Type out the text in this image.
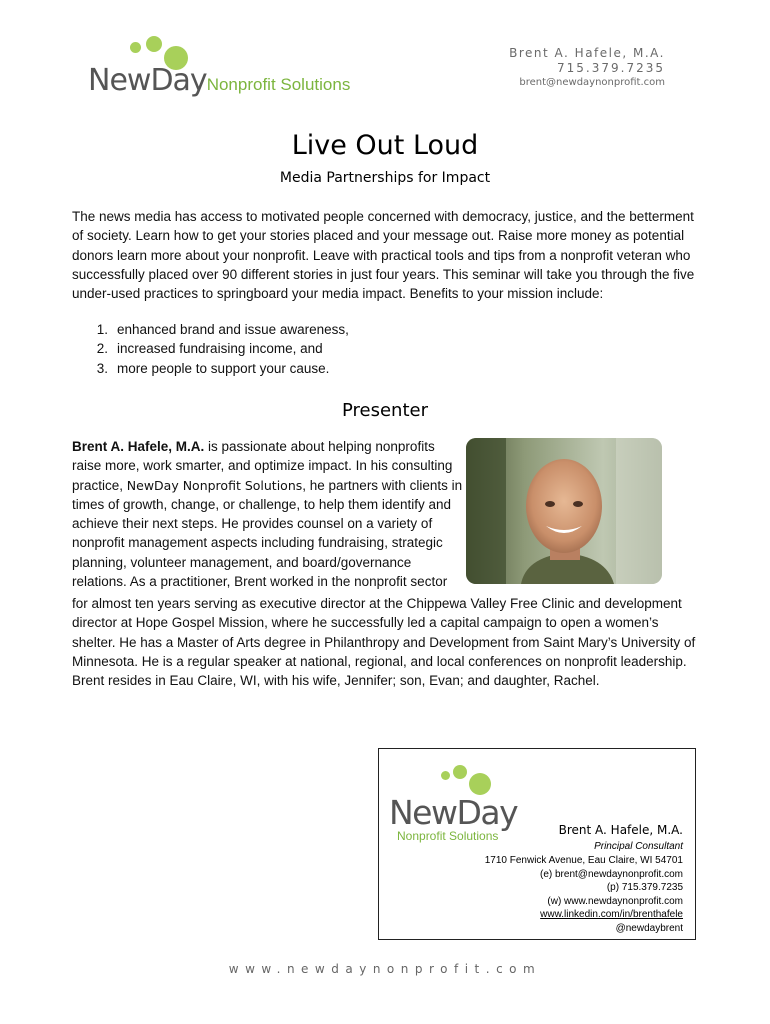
NewDayNonprofit Solutions
Brent A. Hafele, M.A.
715.379.7235
brent@newdaynonprofit.com
Live Out Loud
Media Partnerships for Impact
The news media has access to motivated people concerned with democracy, justice, and the betterment of society. Learn how to get your stories placed and your message out. Raise more money as potential donors learn more about your nonprofit. Leave with practical tools and tips from a nonprofit veteran who successfully placed over 90 different stories in just four years. This seminar will take you through the five under-used practices to springboard your media impact. Benefits to your mission include:
1. enhanced brand and issue awareness,
2. increased fundraising income, and
3. more people to support your cause.
Presenter
Brent A. Hafele, M.A. is passionate about helping nonprofits raise more, work smarter, and optimize impact. In his consulting practice, NewDay Nonprofit Solutions, he partners with clients in times of growth, change, or challenge, to help them identify and achieve their next steps. He provides counsel on a variety of nonprofit management aspects including fundraising, strategic planning, volunteer management, and board/governance relations. As a practitioner, Brent worked in the nonprofit sector
for almost ten years serving as executive director at the Chippewa Valley Free Clinic and development director at Hope Gospel Mission, where he successfully led a capital campaign to open a women’s shelter. He has a Master of Arts degree in Philanthropy and Development from Saint Mary’s University of Minnesota. He is a regular speaker at national, regional, and local conferences on nonprofit leadership. Brent resides in Eau Claire, WI, with his wife, Jennifer; son, Evan; and daughter, Rachel.
NewDay
Nonprofit Solutions	Brent A. Hafele, M.A.
Principal Consultant
1710 Fenwick Avenue, Eau Claire, WI 54701
(e) brent@newdaynonprofit.com
(p) 715.379.7235
(w) www.newdaynonprofit.com
www.linkedin.com/in/brenthafele
@newdaybrent
www.newdaynonprofit.com
